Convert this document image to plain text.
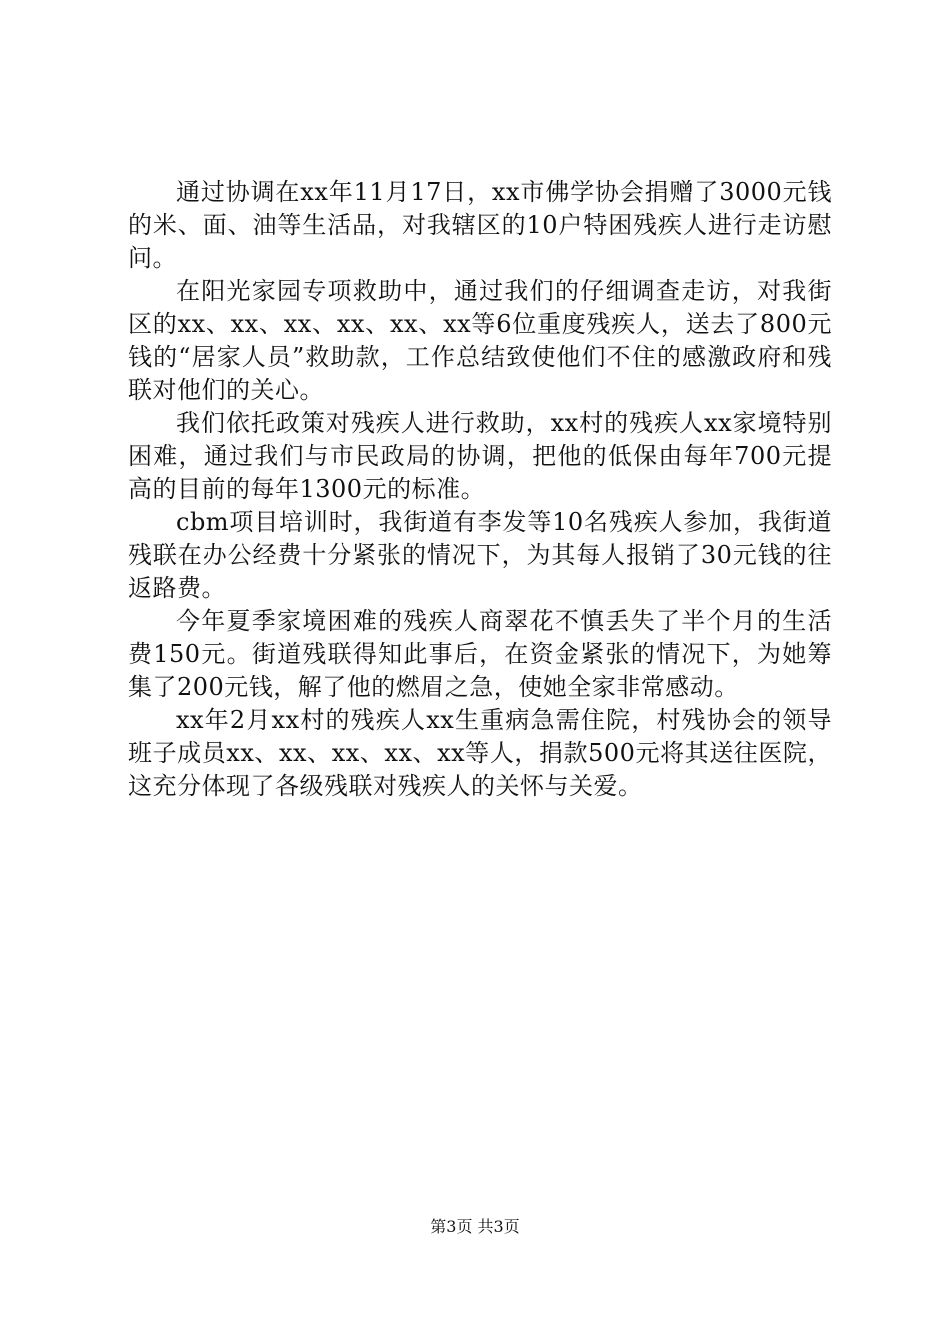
通过协调在xx年11月17日，xx市佛学协会捐赠了3000元钱的米、面、油等生活品，对我辖区的10户特困残疾人进行走访慰问。

在阳光家园专项救助中，通过我们的仔细调查走访，对我街区的xx、xx、xx、xx、xx、xx等6位重度残疾人，送去了800元钱的“居家人员”救助款，工作总结致使他们不住的感激政府和残联对他们的关心。

我们依托政策对残疾人进行救助，xx村的残疾人xx家境特别困难，通过我们与市民政局的协调，把他的低保由每年700元提高的目前的每年1300元的标准。

cbm项目培训时，我街道有李发等10名残疾人参加，我街道残联在办公经费十分紧张的情况下，为其每人报销了30元钱的往返路费。

今年夏季家境困难的残疾人商翠花不慎丢失了半个月的生活费150元。街道残联得知此事后，在资金紧张的情况下，为她筹集了200元钱，解了他的燃眉之急，使她全家非常感动。

xx年2月xx村的残疾人xx生重病急需住院，村残协会的领导班子成员xx、xx、xx、xx、xx等人，捐款500元将其送往医院，这充分体现了各级残联对残疾人的关怀与关爱。

第3页 共3页
